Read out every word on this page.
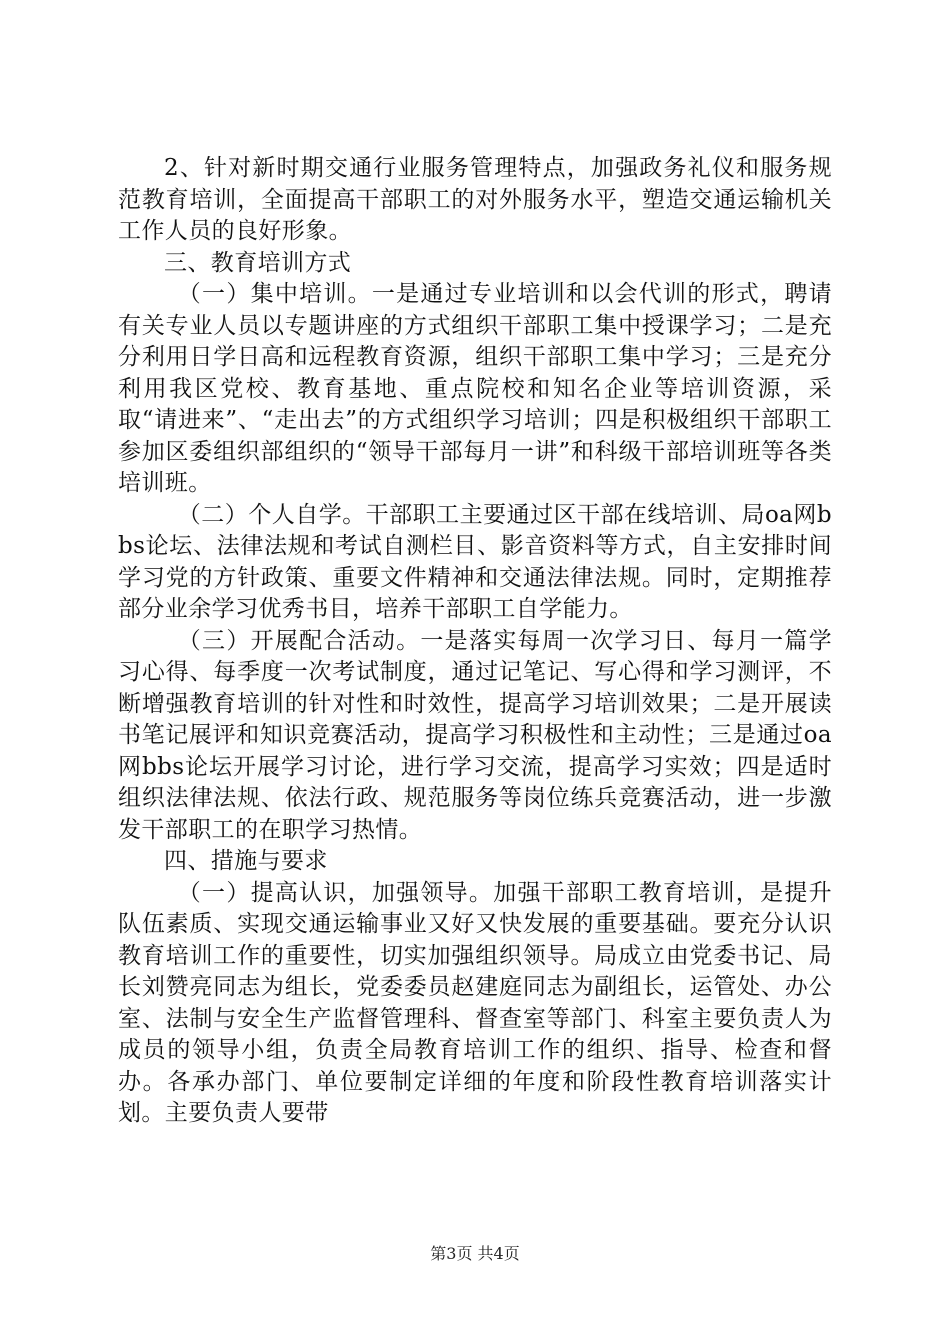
2、针对新时期交通行业服务管理特点，加强政务礼仪和服务规范教育培训，全面提高干部职工的对外服务水平，塑造交通运输机关工作人员的良好形象。

三、教育培训方式

（一）集中培训。一是通过专业培训和以会代训的形式，聘请有关专业人员以专题讲座的方式组织干部职工集中授课学习；二是充分利用日学日高和远程教育资源，组织干部职工集中学习；三是充分利用我区党校、教育基地、重点院校和知名企业等培训资源，采取“请进来”、“走出去”的方式组织学习培训；四是积极组织干部职工参加区委组织部组织的“领导干部每月一讲”和科级干部培训班等各类培训班。

（二）个人自学。干部职工主要通过区干部在线培训、局oa网bbs论坛、法律法规和考试自测栏目、影音资料等方式，自主安排时间学习党的方针政策、重要文件精神和交通法律法规。同时，定期推荐部分业余学习优秀书目，培养干部职工自学能力。

（三）开展配合活动。一是落实每周一次学习日、每月一篇学习心得、每季度一次考试制度，通过记笔记、写心得和学习测评，不断增强教育培训的针对性和时效性，提高学习培训效果；二是开展读书笔记展评和知识竞赛活动，提高学习积极性和主动性；三是通过oa网bbs论坛开展学习讨论，进行学习交流，提高学习实效；四是适时组织法律法规、依法行政、规范服务等岗位练兵竞赛活动，进一步激发干部职工的在职学习热情。

四、措施与要求

（一）提高认识，加强领导。加强干部职工教育培训，是提升队伍素质、实现交通运输事业又好又快发展的重要基础。要充分认识教育培训工作的重要性，切实加强组织领导。局成立由党委书记、局长刘赞亮同志为组长，党委委员赵建庭同志为副组长，运管处、办公室、法制与安全生产监督管理科、督查室等部门、科室主要负责人为成员的领导小组，负责全局教育培训工作的组织、指导、检查和督办。各承办部门、单位要制定详细的年度和阶段性教育培训落实计划。主要负责人要带

第3页 共4页
